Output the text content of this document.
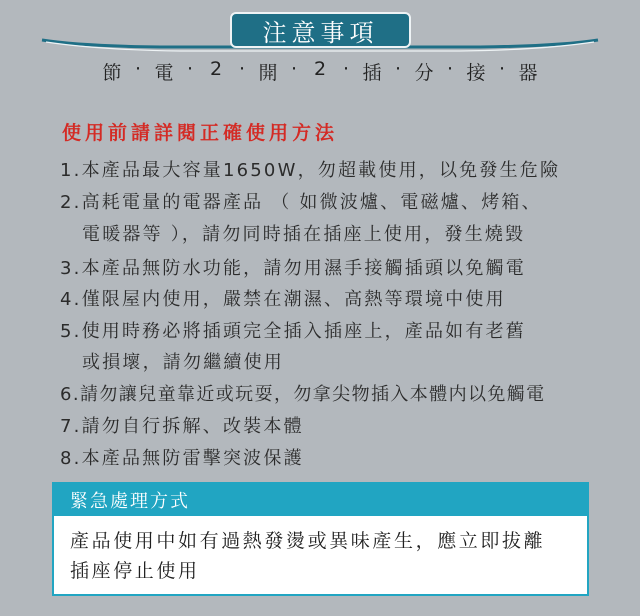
注意事項
節 · 電 · 2 · 開 · 2 · 插 · 分 · 接 · 器
使用前請詳閱正確使用方法

1.本產品最大容量1650W，勿超載使用，以免發生危險

2.高耗電量的電器產品 （ 如微波爐、電磁爐、烤箱、

電暖器等 ），請勿同時插在插座上使用，發生燒毀

3.本產品無防水功能，請勿用濕手接觸插頭以免觸電

4.僅限屋内使用，嚴禁在潮濕、高熱等環境中使用

5.使用時務必將插頭完全插入插座上，產品如有老舊

或損壞，請勿繼續使用

6.請勿讓兒童靠近或玩耍，勿拿尖物插入本體内以免觸電

7.請勿自行拆解、改裝本體

8.本產品無防雷擊突波保護

緊急處理方式
產品使用中如有過熱發燙或異味產生，應立即拔離
插座停止使用
